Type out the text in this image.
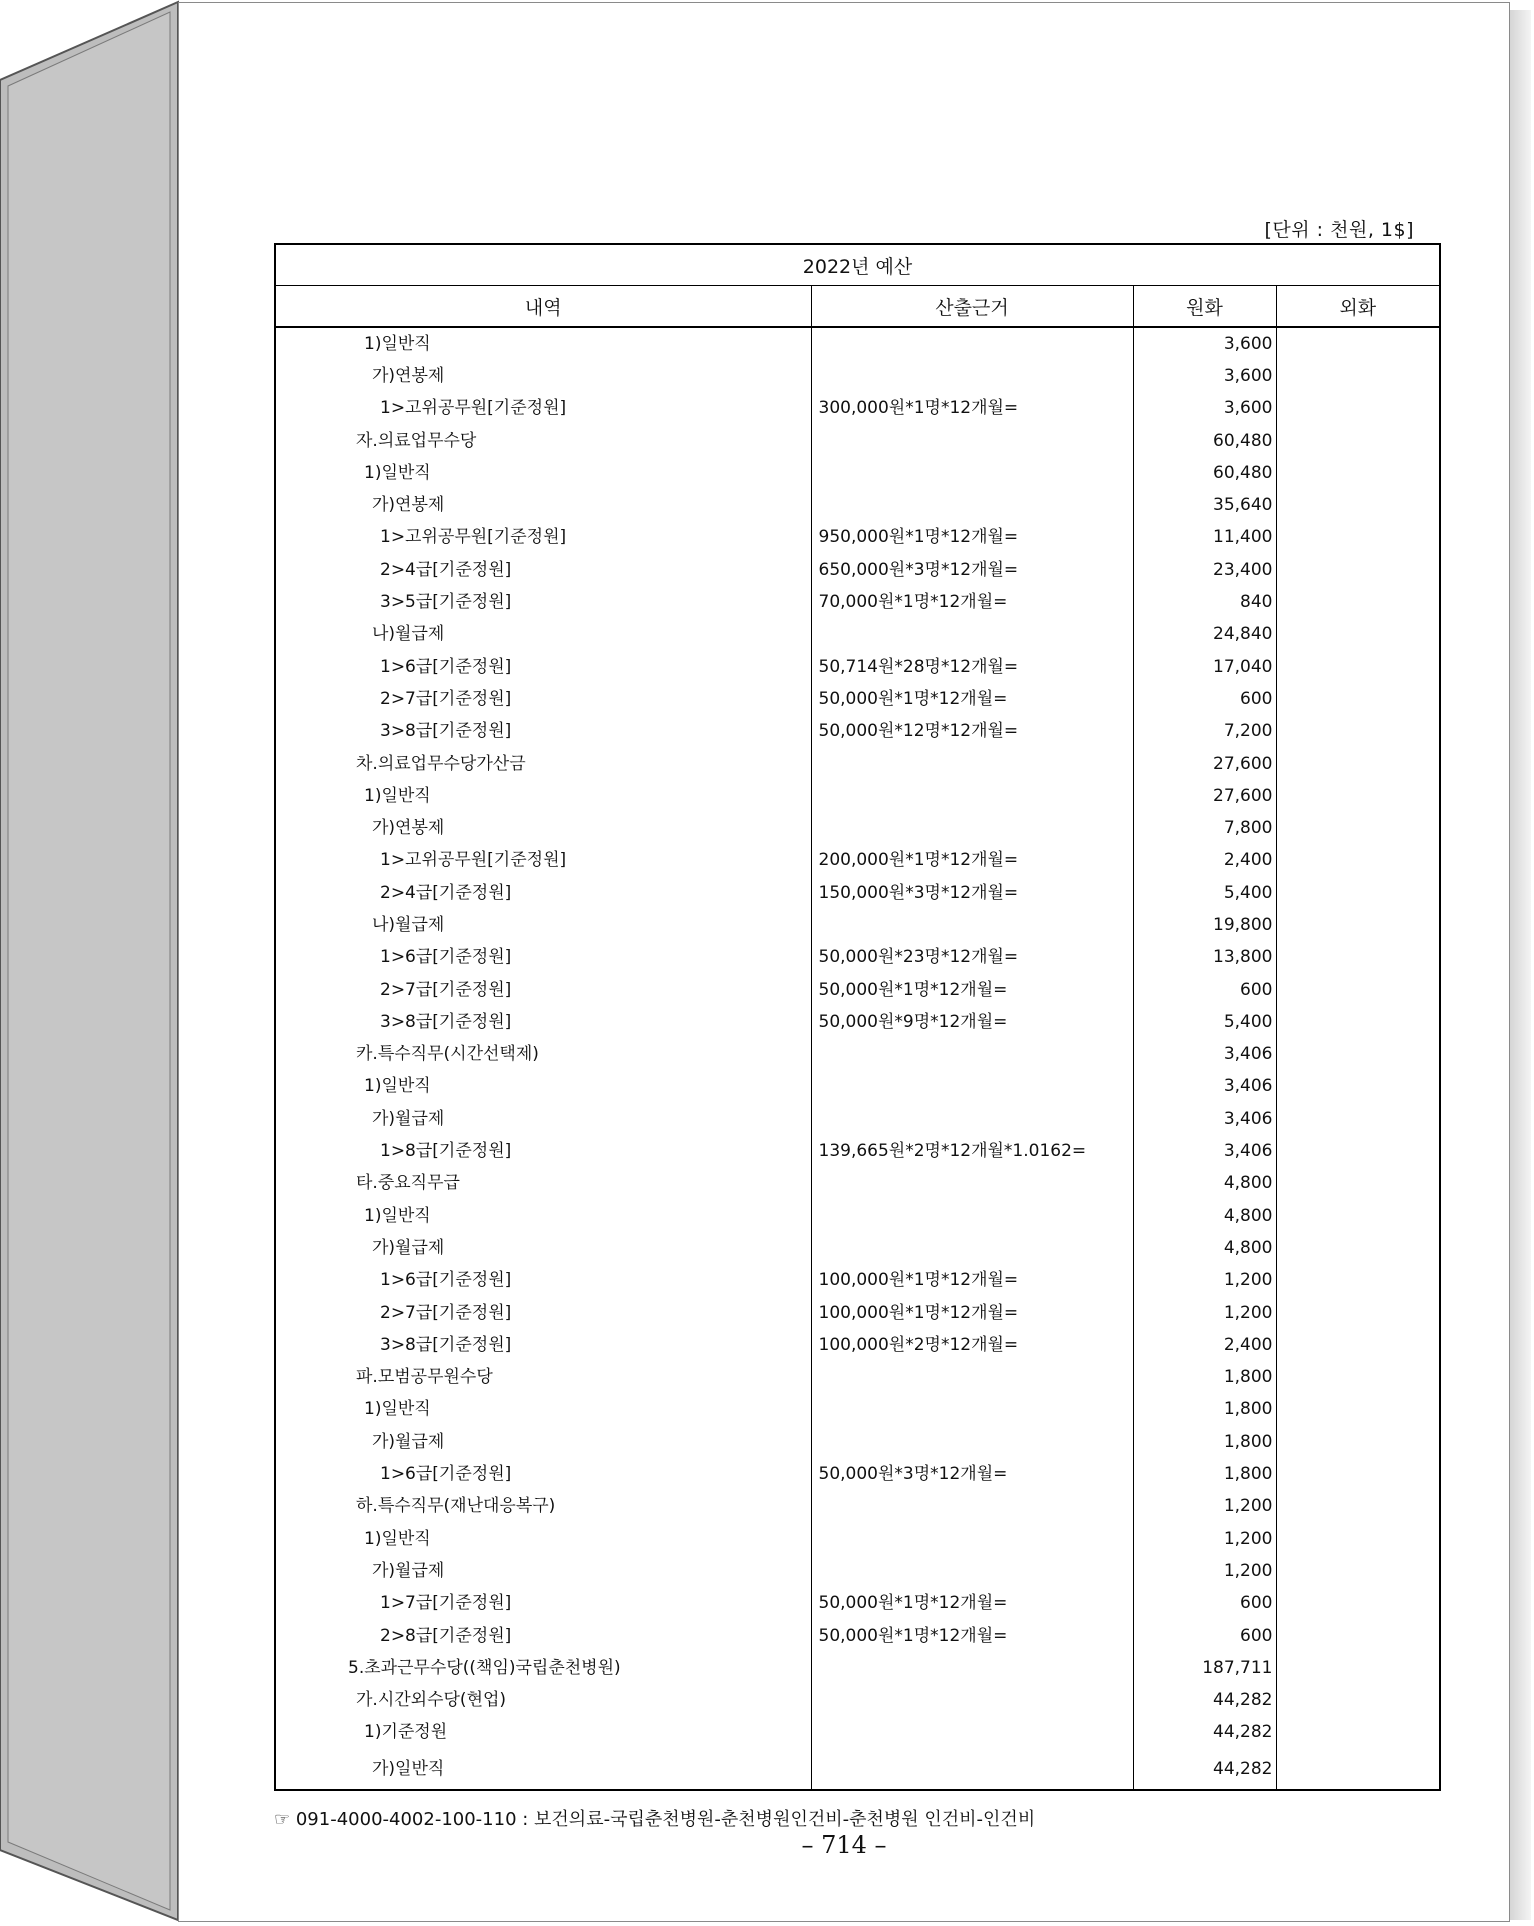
[단위 : 천원, 1$]
2022년 예산			
내역	산출근거	원화	외화
1)일반직		3,600	
가)연봉제		3,600	
1>고위공무원[기준정원]	300,000원*1명*12개월=	3,600	
자.의료업무수당		60,480	
1)일반직		60,480	
가)연봉제		35,640	
1>고위공무원[기준정원]	950,000원*1명*12개월=	11,400	
2>4급[기준정원]	650,000원*3명*12개월=	23,400	
3>5급[기준정원]	70,000원*1명*12개월=	840	
나)월급제		24,840	
1>6급[기준정원]	50,714원*28명*12개월=	17,040	
2>7급[기준정원]	50,000원*1명*12개월=	600	
3>8급[기준정원]	50,000원*12명*12개월=	7,200	
차.의료업무수당가산금		27,600	
1)일반직		27,600	
가)연봉제		7,800	
1>고위공무원[기준정원]	200,000원*1명*12개월=	2,400	
2>4급[기준정원]	150,000원*3명*12개월=	5,400	
나)월급제		19,800	
1>6급[기준정원]	50,000원*23명*12개월=	13,800	
2>7급[기준정원]	50,000원*1명*12개월=	600	
3>8급[기준정원]	50,000원*9명*12개월=	5,400	
카.특수직무(시간선택제)		3,406	
1)일반직		3,406	
가)월급제		3,406	
1>8급[기준정원]	139,665원*2명*12개월*1.0162=	3,406	
타.중요직무급		4,800	
1)일반직		4,800	
가)월급제		4,800	
1>6급[기준정원]	100,000원*1명*12개월=	1,200	
2>7급[기준정원]	100,000원*1명*12개월=	1,200	
3>8급[기준정원]	100,000원*2명*12개월=	2,400	
파.모범공무원수당		1,800	
1)일반직		1,800	
가)월급제		1,800	
1>6급[기준정원]	50,000원*3명*12개월=	1,800	
하.특수직무(재난대응복구)		1,200	
1)일반직		1,200	
가)월급제		1,200	
1>7급[기준정원]	50,000원*1명*12개월=	600	
2>8급[기준정원]	50,000원*1명*12개월=	600	
5.초과근무수당((책임)국립춘천병원)		187,711	
가.시간외수당(현업)		44,282	
1)기준정원		44,282	
가)일반직		44,282	
☞ 091-4000-4002-100-110 : 보건의료-국립춘천병원-춘천병원인건비-춘천병원 인건비-인건비
– 714 –
